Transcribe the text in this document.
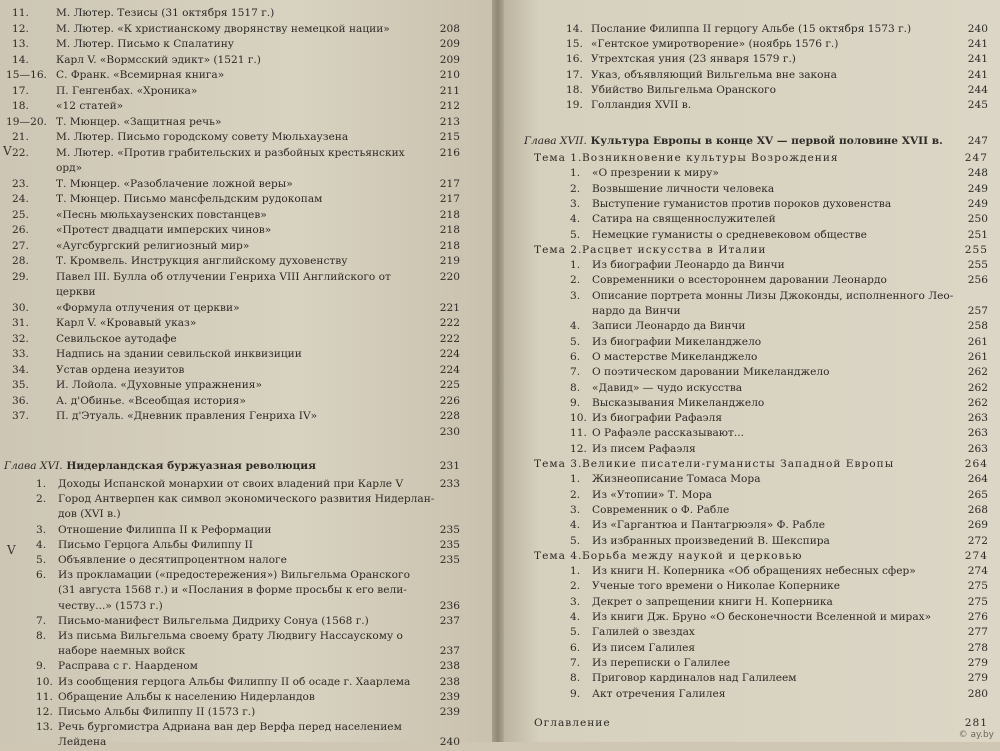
11.	М. Лютер. Тезисы (31 октября 1517 г.)
12.	М. Лютер. «К христианскому дворянству немецкой нации»	208
13.	М. Лютер. Письмо к Спалатину	209
14.	Карл V. «Вормсский эдикт» (1521 г.)	209
15—16. С. Франк. «Всемирная книга»	210
17.	П. Генгенбах. «Хроника»	211
18.	«12 статей»	212
19—20. Т. Мюнцер. «Защитная речь»	213
21.	М. Лютер. Письмо городскому совету Мюльхаузена	215
22.	М. Лютер. «Против грабительских и разбойных крестьянских	216
орд»
23.	Т. Мюнцер. «Разоблачение ложной веры»	217
24.	Т. Мюнцер. Письмо мансфельдским рудокопам	217
25.	«Песнь мюльхаузенских повстанцев»	218
26.	«Протест двадцати имперских чинов»	218
27.	«Аугсбургский религиозный мир»	218
28.	Т. Кромвель. Инструкция английскому духовенству	219
29.	Павел III. Булла об отлучении Генриха VIII Английского от	220
церкви
30.	«Формула отлучения от церкви»	221
31.	Карл V. «Кровавый указ»	222
32.	Севильское аутодафе	222
33.	Надпись на здании севильской инквизиции	224
34.	Устав ордена иезуитов	224
35.	И. Лойола. «Духовные упражнения»	225
36.	А. д'Обинье. «Всеобщая история»	226
37.	П. д'Этуаль. «Дневник правления Генриха IV»	228
230
Глава XVI. Нидерландская буржуазная революция	231
1. Доходы Испанской монархии от своих владений при Карле V	233
2. Город Антверпен как символ экономического развития Нидерлан-
дов (XVI в.)
3. Отношение Филиппа II к Реформации	235
4. Письмо Герцога Альбы Филиппу II	235
5. Объявление о десятипроцентном налоге	235
6. Из прокламации («предостережения») Вильгельма Оранского
(31 августа 1568 г.) и «Послания в форме просьбы к его вели-
честву...» (1573 г.)	236
7. Письмо-манифест Вильгельма Дидриху Сонуа (1568 г.)	237
8. Из письма Вильгельма своему брату Людвигу Нассаускому о
наборе наемных войск	237
9. Расправа с г. Наарденом	238
10. Из сообщения герцога Альбы Филиппу II об осаде г. Хаарлема	238
11. Обращение Альбы к населению Нидерландов	239
12. Письмо Альбы Филиппу II (1573 г.)	239
13. Речь бургомистра Адриана ван дер Верфа перед населением
Лейдена	240
14. Послание Филиппа II герцогу Альбе (15 октября 1573 г.)	240
15. «Гентское умиротворение» (ноябрь 1576 г.)	241
16. Утрехтская уния (23 января 1579 г.)	241
17. Указ, объявляющий Вильгельма вне закона	241
18. Убийство Вильгельма Оранского	244
19. Голландия XVII в.	245
Глава XVII. Культура Европы в конце XV — первой половине XVII в. 247
Тема 1. Возникновение культуры Возрождения	247
1. «О презрении к миру»	248
2. Возвышение личности человека	249
3. Выступение гуманистов против пороков духовенства	249
4. Сатира на священнослужителей	250
5. Немецкие гуманисты о средневековом обществе	251
Тема 2. Расцвет искусства в Италии	255
1. Из биографии Леонардо да Винчи	255
2. Современники о всестороннем даровании Леонардо	256
3. Описание портрета монны Лизы Джоконды, исполненного Лео-
нардо да Винчи	257
4. Записи Леонардо да Винчи	258
5. Из биографии Микеланджело	261
6. О мастерстве Микеланджело	261
7. О поэтическом даровании Микеланджело	262
8. «Давид» — чудо искусства	262
9. Высказывания Микеланджело	262
10. Из биографии Рафаэля	263
11. О Рафаэле рассказывают...	263
12. Из писем Рафаэля	263
Тема 3. Великие писатели-гуманисты Западной Европы	264
1. Жизнеописание Томаса Мора	264
2. Из «Утопии» Т. Мора	265
3. Современник о Ф. Рабле	268
4. Из «Гаргантюа и Пантагрюэля» Ф. Рабле	269
5. Из избранных произведений В. Шекспира	272
Тема 4. Борьба между наукой и церковью	274
1. Из книги Н. Коперника «Об обращениях небесных сфер»	274
2. Ученые того времени о Николае Копернике	275
3. Декрет о запрещении книги Н. Коперника	275
4. Из книги Дж. Бруно «О бесконечности Вселенной и мирах»	276
5. Галилей о звездах	277
6. Из писем Галилея	278
7. Из переписки о Галилее	279
8. Приговор кардиналов над Галилеем	279
9. Акт отречения Галилея	280
Оглавление	281
V
V
© ay.by
